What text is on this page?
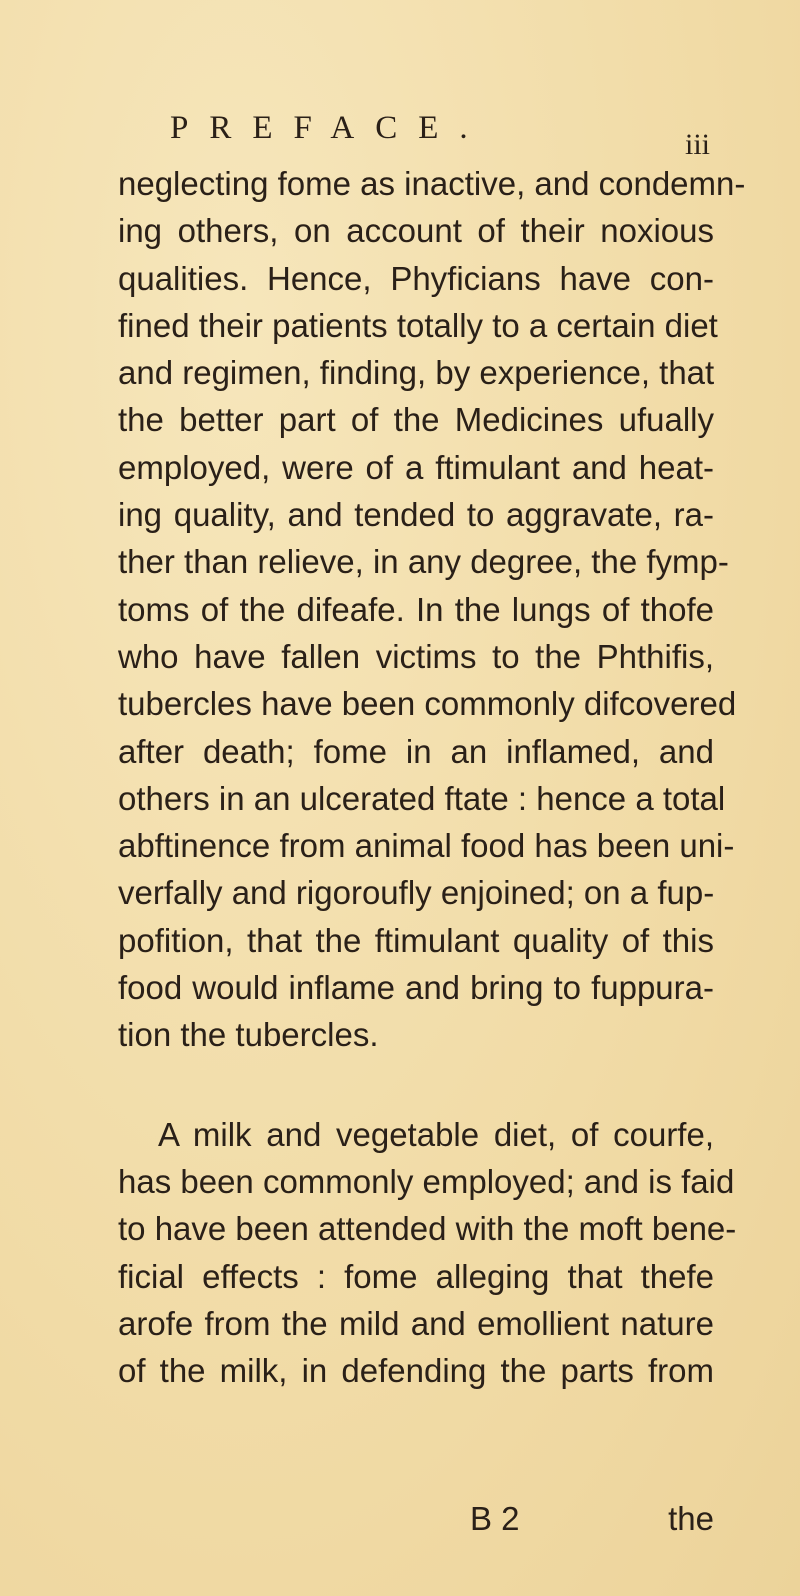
PREFACE.	iii
neglecting fome as inactive, and condemn-
ing others, on account of their noxious
qualities. Hence, Phyficians have con-
fined their patients totally to a certain diet
and regimen, finding, by experience, that
the better part of the Medicines ufually
employed, were of a ftimulant and heat-
ing quality, and tended to aggravate, ra-
ther than relieve, in any degree, the fymp-
toms of the difeafe. In the lungs of thofe
who have fallen victims to the Phthifis,
tubercles have been commonly difcovered
after death; fome in an inflamed, and
others in an ulcerated ftate : hence a total
abftinence from animal food has been uni-
verfally and rigoroufly enjoined; on a fup-
pofition, that the ftimulant quality of this
food would inflame and bring to fuppura-
tion the tubercles.
A milk and vegetable diet, of courfe,
has been commonly employed; and is faid
to have been attended with the moft bene-
ficial effects : fome alleging that thefe
arofe from the mild and emollient nature
of the milk, in defending the parts from
B 2	the
